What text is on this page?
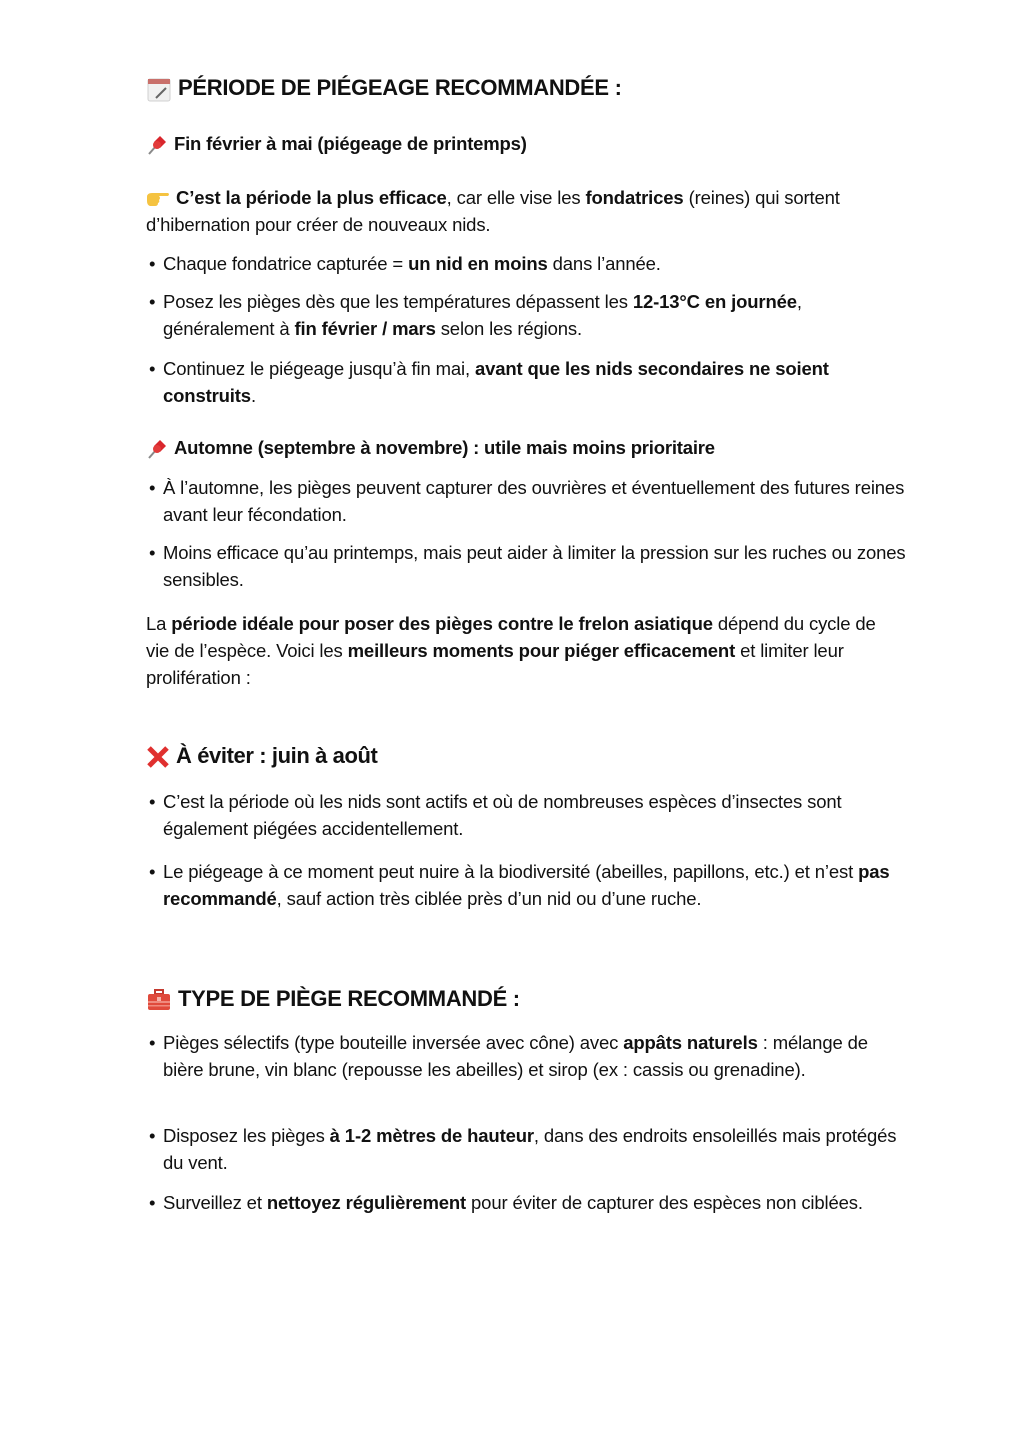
PÉRIODE DE PIÉGEAGE RECOMMANDÉE :
Fin février à mai (piégeage de printemps)
C’est la période la plus efficace, car elle vise les fondatrices (reines) qui sortent d’hibernation pour créer de nouveaux nids.
• Chaque fondatrice capturée = un nid en moins dans l’année.
• Posez les pièges dès que les températures dépassent les 12-13°C en journée, généralement à fin février / mars selon les régions.
• Continuez le piégeage jusqu’à fin mai, avant que les nids secondaires ne soient construits.
Automne (septembre à novembre) : utile mais moins prioritaire
• À l’automne, les pièges peuvent capturer des ouvrières et éventuellement des futures reines avant leur fécondation.
• Moins efficace qu’au printemps, mais peut aider à limiter la pression sur les ruches ou zones sensibles.
La période idéale pour poser des pièges contre le frelon asiatique dépend du cycle de vie de l’espèce. Voici les meilleurs moments pour piéger efficacement et limiter leur prolifération :
À éviter : juin à août
• C’est la période où les nids sont actifs et où de nombreuses espèces d’insectes sont également piégées accidentellement.
• Le piégeage à ce moment peut nuire à la biodiversité (abeilles, papillons, etc.) et n’est pas recommandé, sauf action très ciblée près d’un nid ou d’une ruche.
TYPE DE PIÈGE RECOMMANDÉ :
• Pièges sélectifs (type bouteille inversée avec cône) avec appâts naturels : mélange de bière brune, vin blanc (repousse les abeilles) et sirop (ex : cassis ou grenadine).
• Disposez les pièges à 1-2 mètres de hauteur, dans des endroits ensoleillés mais protégés du vent.
• Surveillez et nettoyez régulièrement pour éviter de capturer des espèces non ciblées.
